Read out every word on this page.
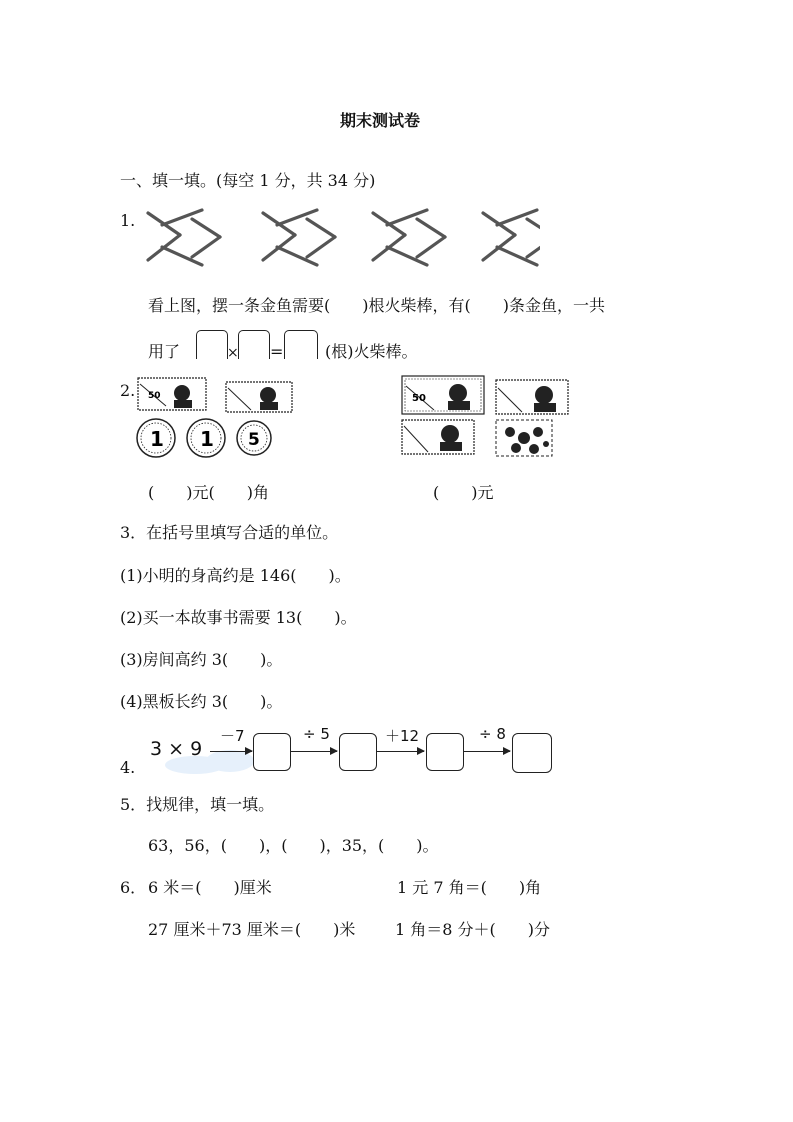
期末测试卷
一、填一填。(每空 1 分，共 34 分)
1.
看上图，摆一条金鱼需要(　　)根火柴棒，有(　　)条金鱼，一共
用了	× =	(根)火柴棒。
2. 50
1 1 5
50
(　　)元(　　)角	(　　)元
3．在括号里填写合适的单位。
(1)小明的身高约是 146(　　)。
(2)买一本故事书需要 13(　　)。
(3)房间高约 3(　　)。
(4)黑板长约 3(　　)。
4.
3 × 9
－7	÷ 5	＋12	÷ 8
5．找规律，填一填。
63，56，(　　)，(　　)，35，(　　)。
6． 6 米＝(　　)厘米	1 元 7 角＝(　　)角
27 厘米＋73 厘米＝(　　)米 1 角＝8 分＋(　　)分
